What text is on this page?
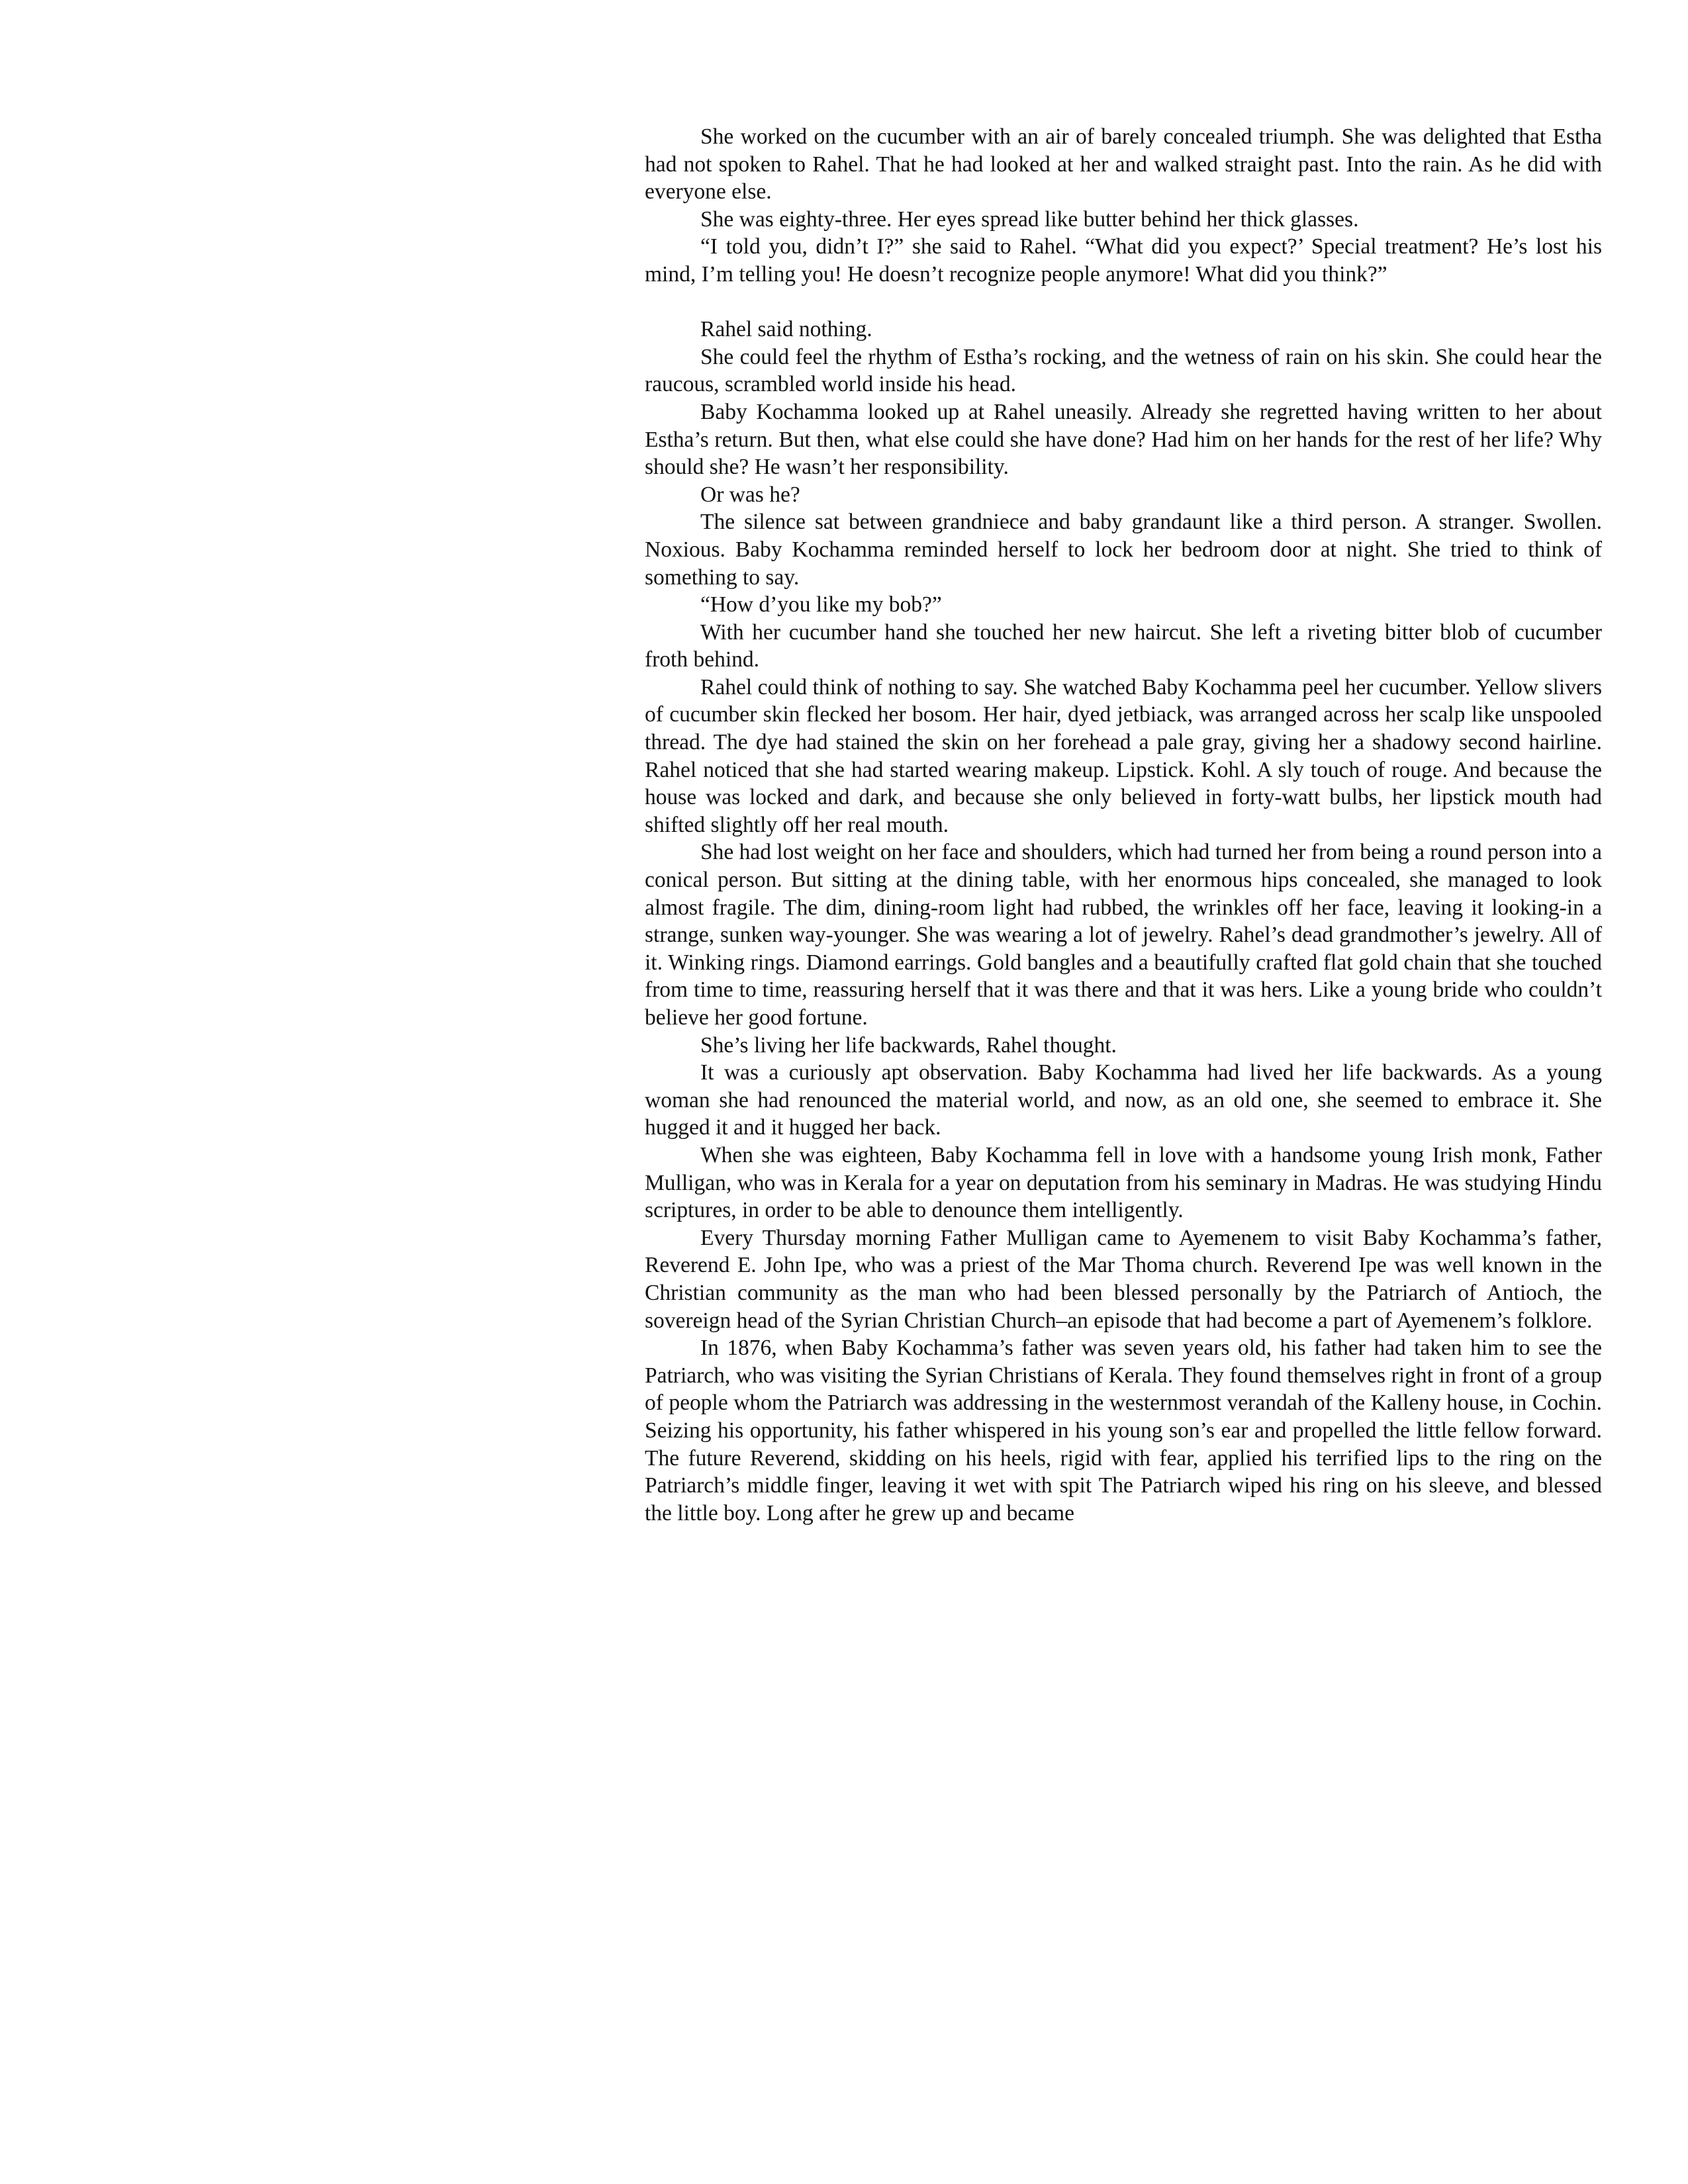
She worked on the cucumber with an air of barely concealed triumph. She was delighted that Estha had not spoken to Rahel. That he had looked at her and walked straight past. Into the rain. As he did with everyone else.

She was eighty-three. Her eyes spread like butter behind her thick glasses.

“I told you, didn’t I?” she said to Rahel. “What did you expect?’ Special treatment? He’s lost his mind, I’m telling you! He doesn’t recognize people anymore! What did you think?”

Rahel said nothing.

She could feel the rhythm of Estha’s rocking, and the wetness of rain on his skin. She could hear the raucous, scrambled world inside his head.

Baby Kochamma looked up at Rahel uneasily. Already she regretted having written to her about Estha’s return. But then, what else could she have done? Had him on her hands for the rest of her life? Why should she? He wasn’t her responsibility.

Or was he?

The silence sat between grandniece and baby grandaunt like a third person. A stranger. Swollen. Noxious. Baby Kochamma reminded herself to lock her bedroom door at night. She tried to think of something to say.

“How d’you like my bob?”

With her cucumber hand she touched her new haircut. She left a riveting bitter blob of cucumber froth behind.

Rahel could think of nothing to say. She watched Baby Kochamma peel her cucumber. Yellow slivers of cucumber skin flecked her bosom. Her hair, dyed jetbiack, was arranged across her scalp like unspooled thread. The dye had stained the skin on her forehead a pale gray, giving her a shadowy second hairline. Rahel noticed that she had started wearing makeup. Lipstick. Kohl. A sly touch of rouge. And because the house was locked and dark, and because she only believed in forty-watt bulbs, her lipstick mouth had shifted slightly off her real mouth.

She had lost weight on her face and shoulders, which had turned her from being a round person into a conical person. But sitting at the dining table, with her enormous hips concealed, she managed to look almost fragile. The dim, dining-room light had rubbed, the wrinkles off her face, leaving it looking-in a strange, sunken way-younger. She was wearing a lot of jewelry. Rahel’s dead grandmother’s jewelry. All of it. Winking rings. Diamond earrings. Gold bangles and a beautifully crafted flat gold chain that she touched from time to time, reassuring herself that it was there and that it was hers. Like a young bride who couldn’t believe her good fortune.

She’s living her life backwards, Rahel thought.

It was a curiously apt observation. Baby Kochamma had lived her life backwards. As a young woman she had renounced the material world, and now, as an old one, she seemed to embrace it. She hugged it and it hugged her back.

When she was eighteen, Baby Kochamma fell in love with a handsome young Irish monk, Father Mulligan, who was in Kerala for a year on deputation from his seminary in Madras. He was studying Hindu scriptures, in order to be able to denounce them intelligently.

Every Thursday morning Father Mulligan came to Ayemenem to visit Baby Kochamma’s father, Reverend E. John Ipe, who was a priest of the Mar Thoma church. Reverend Ipe was well known in the Christian community as the man who had been blessed personally by the Patriarch of Antioch, the sovereign head of the Syrian Christian Church–an episode that had become a part of Ayemenem’s folklore.

In 1876, when Baby Kochamma’s father was seven years old, his father had taken him to see the Patriarch, who was visiting the Syrian Christians of Kerala. They found themselves right in front of a group of people whom the Patriarch was addressing in the westernmost verandah of the Kalleny house, in Cochin. Seizing his opportunity, his father whispered in his young son’s ear and propelled the little fellow forward. The future Reverend, skidding on his heels, rigid with fear, applied his terrified lips to the ring on the Patriarch’s middle finger, leaving it wet with spit The Patriarch wiped his ring on his sleeve, and blessed the little boy. Long after he grew up and became
